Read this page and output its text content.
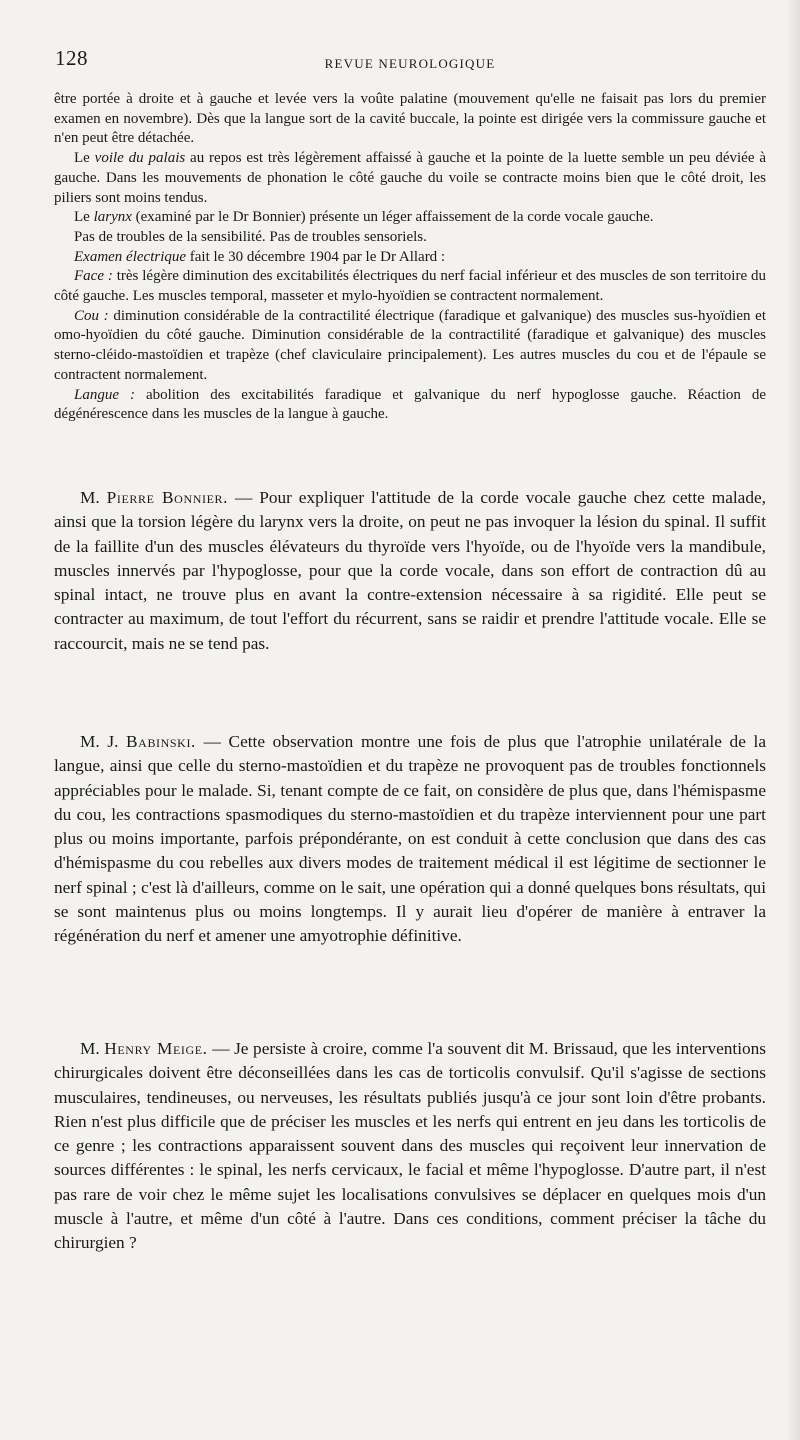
128	REVUE NEUROLOGIQUE

être portée à droite et à gauche et levée vers la voûte palatine (mouvement qu'elle ne faisait pas lors du premier examen en novembre). Dès que la langue sort de la cavité buccale, la pointe est dirigée vers la commissure gauche et n'en peut être détachée.

Le voile du palais au repos est très légèrement affaissé à gauche et la pointe de la luette semble un peu déviée à gauche. Dans les mouvements de phonation le côté gauche du voile se contracte moins bien que le côté droit, les piliers sont moins tendus.

Le larynx (examiné par le Dr Bonnier) présente un léger affaissement de la corde vocale gauche.

Pas de troubles de la sensibilité. Pas de troubles sensoriels.

Examen électrique fait le 30 décembre 1904 par le Dr Allard :

Face : très légère diminution des excitabilités électriques du nerf facial inférieur et des muscles de son territoire du côté gauche. Les muscles temporal, masseter et mylo-hyoïdien se contractent normalement.

Cou : diminution considérable de la contractilité électrique (faradique et galvanique) des muscles sus-hyoïdien et omo-hyoïdien du côté gauche. Diminution considérable de la contractilité (faradique et galvanique) des muscles sterno-cléido-mastoïdien et trapèze (chef claviculaire principalement). Les autres muscles du cou et de l'épaule se contractent normalement.

Langue : abolition des excitabilités faradique et galvanique du nerf hypoglosse gauche. Réaction de dégénérescence dans les muscles de la langue à gauche.

M. Pierre Bonnier. — Pour expliquer l'attitude de la corde vocale gauche chez cette malade, ainsi que la torsion légère du larynx vers la droite, on peut ne pas invoquer la lésion du spinal. Il suffit de la faillite d'un des muscles élévateurs du thyroïde vers l'hyoïde, ou de l'hyoïde vers la mandibule, muscles innervés par l'hypoglosse, pour que la corde vocale, dans son effort de contraction dû au spinal intact, ne trouve plus en avant la contre-extension nécessaire à sa rigidité. Elle peut se contracter au maximum, de tout l'effort du récurrent, sans se raidir et prendre l'attitude vocale. Elle se raccourcit, mais ne se tend pas.

M. J. Babinski. — Cette observation montre une fois de plus que l'atrophie unilatérale de la langue, ainsi que celle du sterno-mastoïdien et du trapèze ne provoquent pas de troubles fonctionnels appréciables pour le malade. Si, tenant compte de ce fait, on considère de plus que, dans l'hémispasme du cou, les contractions spasmodiques du sterno-mastoïdien et du trapèze interviennent pour une part plus ou moins importante, parfois prépondérante, on est conduit à cette conclusion que dans des cas d'hémispasme du cou rebelles aux divers modes de traitement médical il est légitime de sectionner le nerf spinal ; c'est là d'ailleurs, comme on le sait, une opération qui a donné quelques bons résultats, qui se sont maintenus plus ou moins longtemps. Il y aurait lieu d'opérer de manière à entraver la régénération du nerf et amener une amyotrophie définitive.

M. Henry Meige. — Je persiste à croire, comme l'a souvent dit M. Brissaud, que les interventions chirurgicales doivent être déconseillées dans les cas de torticolis convulsif. Qu'il s'agisse de sections musculaires, tendineuses, ou nerveuses, les résultats publiés jusqu'à ce jour sont loin d'être probants. Rien n'est plus difficile que de préciser les muscles et les nerfs qui entrent en jeu dans les torticolis de ce genre ; les contractions apparaissent souvent dans des muscles qui reçoivent leur innervation de sources différentes : le spinal, les nerfs cervicaux, le facial et même l'hypoglosse. D'autre part, il n'est pas rare de voir chez le même sujet les localisations convulsives se déplacer en quelques mois d'un muscle à l'autre, et même d'un côté à l'autre. Dans ces conditions, comment préciser la tâche du chirurgien ?
